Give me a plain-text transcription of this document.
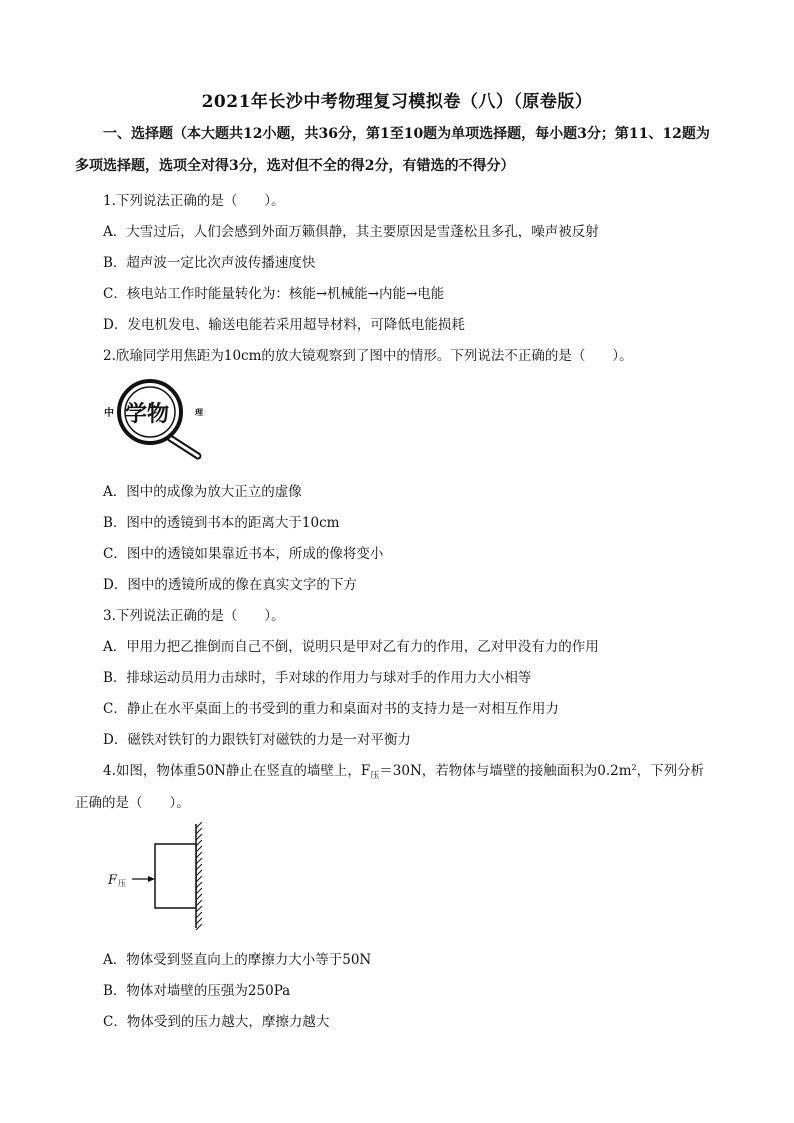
2021年长沙中考物理复习模拟卷（八）（原卷版）
一、选择题（本大题共12小题，共36分，第1至10题为单项选择题，每小题3分；第11、12题为
多项选择题，选项全对得3分，选对但不全的得2分，有错选的不得分）
1.下列说法正确的是（　　）。
A．大雪过后，人们会感到外面万籁俱静，其主要原因是雪蓬松且多孔，噪声被反射
B．超声波一定比次声波传播速度快
C．核电站工作时能量转化为：核能→机械能→内能→电能
D．发电机发电、输送电能若采用超导材料，可降低电能损耗
2.欣瑜同学用焦距为10cm的放大镜观察到了图中的情形。下列说法不正确的是（　　）。
中 学物	理
A．图中的成像为放大正立的虚像
B．图中的透镜到书本的距离大于10cm
C．图中的透镜如果靠近书本，所成的像将变小
D．图中的透镜所成的像在真实文字的下方
3.下列说法正确的是（　　）。
A．甲用力把乙推倒而自己不倒，说明只是甲对乙有力的作用，乙对甲没有力的作用
B．排球运动员用力击球时，手对球的作用力与球对手的作用力大小相等
C．静止在水平桌面上的书受到的重力和桌面对书的支持力是一对相互作用力
D．磁铁对铁钉的力跟铁钉对磁铁的力是一对平衡力
4.如图，物体重50N静止在竖直的墙壁上，$F_压=30N$，若物体与墙壁的接触面积为$0.2m^2$，下列分析
正确的是（　　）。
F 压
A．物体受到竖直向上的摩擦力大小等于50N
B．物体对墙壁的压强为250Pa
C．物体受到的压力越大，摩擦力越大
